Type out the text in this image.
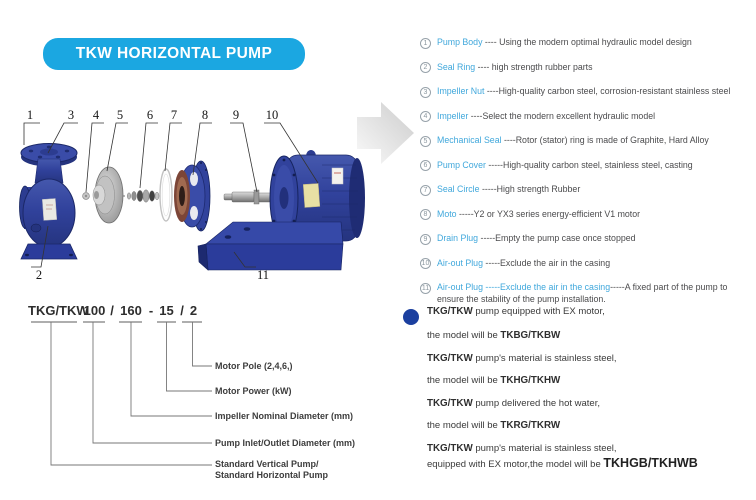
TKW HORIZONTAL PUMP
1	3 4 5 6 7 8 9 10
2	11
1	Pump Body ---- Using the modern optimal hydraulic model design
2	Seal Ring ---- high strength rubber parts
3	Impeller Nut ----High-quality carbon steel, corrosion-resistant stainless steel
4	Impeller ----Select the modern excellent hydraulic model
5	Mechanical Seal ----Rotor (stator) ring is made of Graphite, Hard Alloy
6	Pump Cover -----High-quality carbon steel, stainless steel, casting
7	Seal Circle -----High strength Rubber
8	Moto -----Y2 or YX3 series energy-efficient V1 motor
9	Drain Plug -----Empty the pump case once stopped
10 Air-out Plug -----Exclude the air in the casing
11 Air-out Plug -----Exclude the air in the casing-----A fixed part of the pump to ensure the stability of the pump installation.
TKG/TKW
100 / 160 - 15 / 2
Motor Pole (2,4,6,)
Motor Power (kW)
Impeller Nominal Diameter (mm)
Pump Inlet/Outlet Diameter (mm)
Standard Vertical Pump/
Standard Horizontal Pump
TKG/TKW pump equipped with EX motor,
the model will be TKBG/TKBW
TKG/TKW pump's material is stainless steel,
the model will be TKHG/TKHW
TKG/TKW pump delivered the hot water,
the model will be TKRG/TKRW
TKG/TKW pump's material is stainless steel,
equipped with EX motor,the model will be TKHGB/TKHWB
